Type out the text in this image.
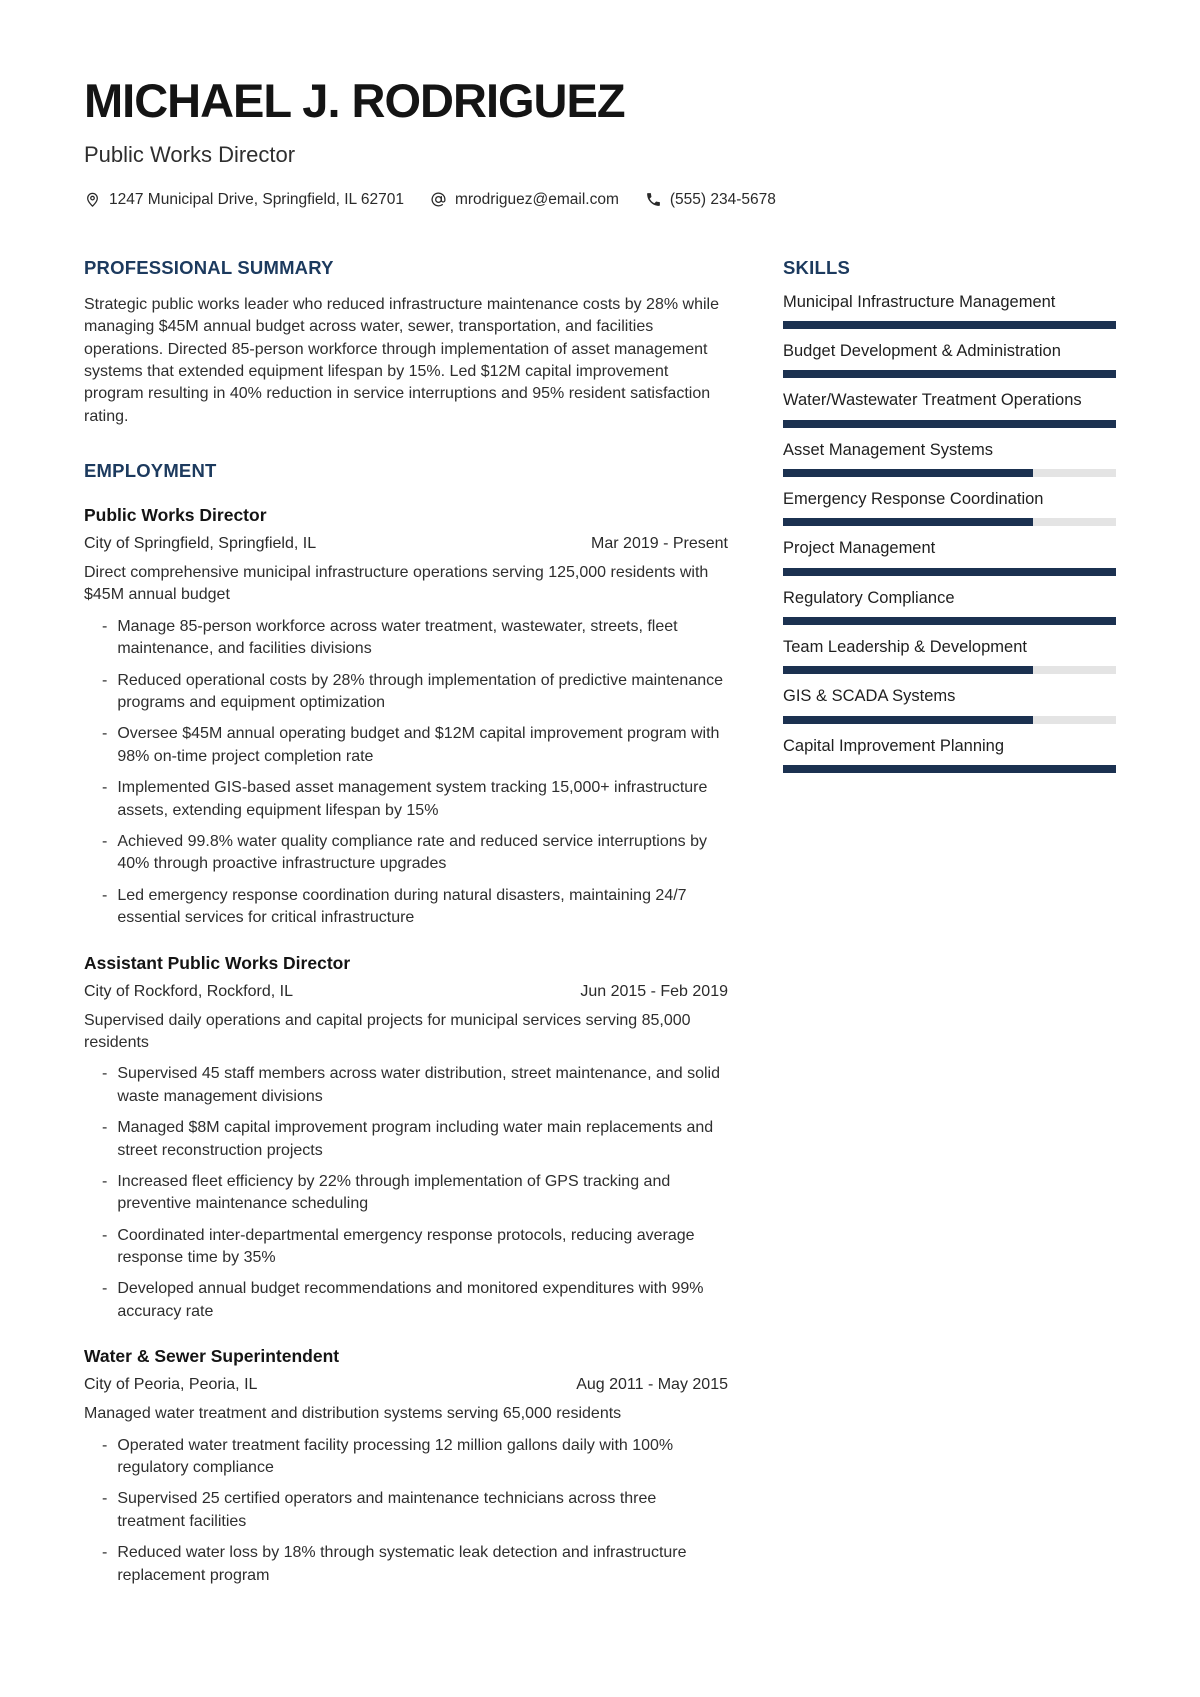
MICHAEL J. RODRIGUEZ
Public Works Director
1247 Municipal Drive, Springfield, IL 62701	mrodriguez@email.com	(555) 234-5678
PROFESSIONAL SUMMARY

Strategic public works leader who reduced infrastructure maintenance costs by 28% while managing $45M annual budget across water, sewer, transportation, and facilities operations. Directed 85-person workforce through implementation of asset management systems that extended equipment lifespan by 15%. Led $12M capital improvement program resulting in 40% reduction in service interruptions and 95% resident satisfaction rating.

EMPLOYMENT
Public Works Director
City of Springfield, Springfield, IL	Mar 2019 - Present

Direct comprehensive municipal infrastructure operations serving 125,000 residents with $45M annual budget

- Manage 85-person workforce across water treatment, wastewater, streets, fleet maintenance, and facilities divisions
- Reduced operational costs by 28% through implementation of predictive maintenance programs and equipment optimization
- Oversee $45M annual operating budget and $12M capital improvement program with 98% on-time project completion rate
- Implemented GIS-based asset management system tracking 15,000+ infrastructure assets, extending equipment lifespan by 15%
- Achieved 99.8% water quality compliance rate and reduced service interruptions by 40% through proactive infrastructure upgrades
- Led emergency response coordination during natural disasters, maintaining 24/7 essential services for critical infrastructure
Assistant Public Works Director
City of Rockford, Rockford, IL	Jun 2015 - Feb 2019

Supervised daily operations and capital projects for municipal services serving 85,000 residents

- Supervised 45 staff members across water distribution, street maintenance, and solid waste management divisions
- Managed $8M capital improvement program including water main replacements and street reconstruction projects
- Increased fleet efficiency by 22% through implementation of GPS tracking and preventive maintenance scheduling
- Coordinated inter-departmental emergency response protocols, reducing average response time by 35%
- Developed annual budget recommendations and monitored expenditures with 99% accuracy rate
Water & Sewer Superintendent
City of Peoria, Peoria, IL	Aug 2011 - May 2015

Managed water treatment and distribution systems serving 65,000 residents

- Operated water treatment facility processing 12 million gallons daily with 100% regulatory compliance
- Supervised 25 certified operators and maintenance technicians across three treatment facilities
- Reduced water loss by 18% through systematic leak detection and infrastructure replacement program
SKILLS
Municipal Infrastructure Management
Budget Development & Administration
Water/Wastewater Treatment Operations
Asset Management Systems
Emergency Response Coordination
Project Management
Regulatory Compliance
Team Leadership & Development
GIS & SCADA Systems
Capital Improvement Planning
